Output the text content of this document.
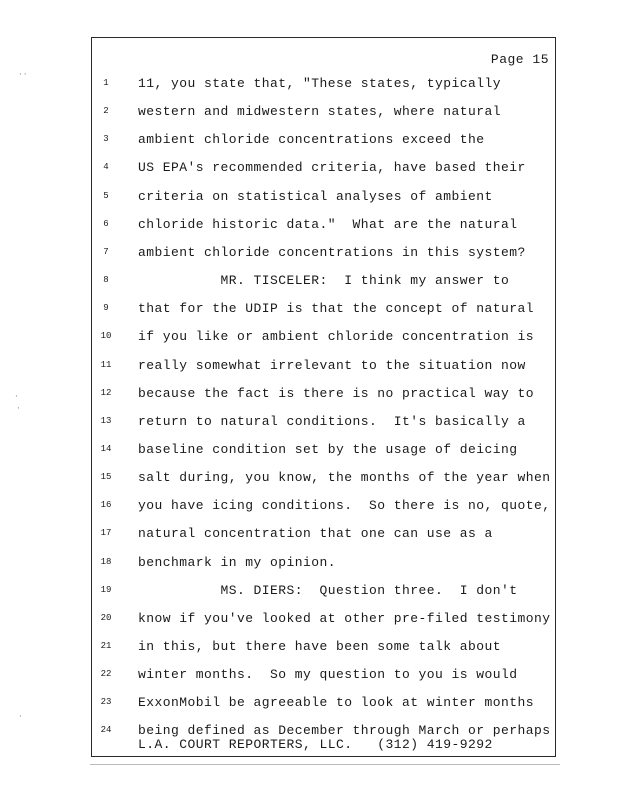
Page 15
1	11, you state that, "These states, typically
2	western and midwestern states, where natural
3	ambient chloride concentrations exceed the
4	US EPA's recommended criteria, have based their
5	criteria on statistical analyses of ambient
6	chloride historic data."  What are the natural
7	ambient chloride concentrations in this system?
8	MR. TISCELER:  I think my answer to
9	that for the UDIP is that the concept of natural
10	if you like or ambient chloride concentration is
11	really somewhat irrelevant to the situation now
12	because the fact is there is no practical way to
13	return to natural conditions.  It's basically a
14	baseline condition set by the usage of deicing
15	salt during, you know, the months of the year when
16	you have icing conditions.  So there is no, quote,
17	natural concentration that one can use as a
18	benchmark in my opinion.
19	MS. DIERS:  Question three.  I don't
20	know if you've looked at other pre-filed testimony
21	in this, but there have been some talk about
22	winter months.  So my question to you is would
23	ExxonMobil be agreeable to look at winter months
24	being defined as December through March or perhaps
L.A. COURT REPORTERS, LLC.   (312) 419-9292
··
·
·
·
